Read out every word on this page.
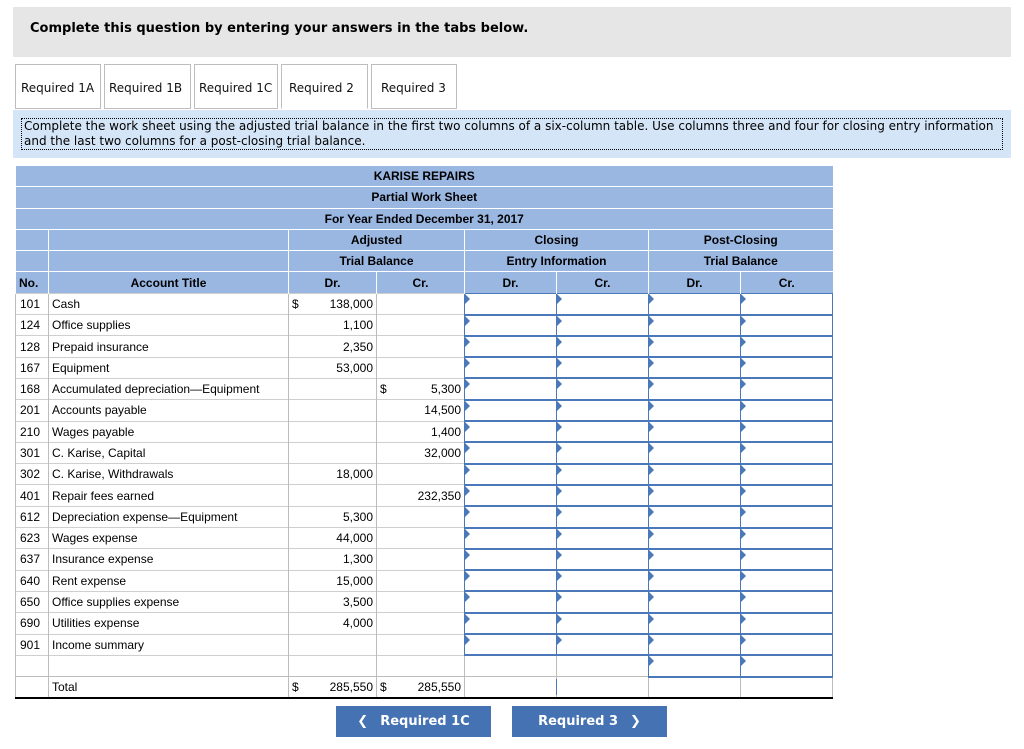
Complete this question by entering your answers in the tabs below.
Required 1A	Required 1B	Required 1C	Required 2	Required 3
Complete the work sheet using the adjusted trial balance in the first two columns of a six-column table. Use columns three and four for closing entry information and the last two columns for a post-closing trial balance.
KARISE REPAIRS							
Partial Work Sheet							
For Year Ended December 31, 2017							
		Adjusted		Closing		Post-Closing	
		Trial Balance		Entry Information		Trial Balance	
No.	Account Title	Dr.	Cr.	Dr.	Cr.	Dr.	Cr.
101	Cash	$ 138,000

124	Office supplies	1,100					
128	Prepaid insurance	2,350					
167	Equipment	53,000					
168	Accumulated depreciation—Equipment		$ 5,300

201	Accounts payable		14,500				
210	Wages payable		1,400				
301	C. Karise, Capital		32,000				
302	C. Karise, Withdrawals	18,000					
401	Repair fees earned		232,350				
612	Depreciation expense—Equipment	5,300					
623	Wages expense	44,000					
637	Insurance expense	1,300					
640	Rent expense	15,000					
650	Office supplies expense	3,500					
690	Utilities expense	4,000					
901	Income summary						

	Total	$ 285,550	$ 285,550				

❮ Required 1C	Required 3 ❯
